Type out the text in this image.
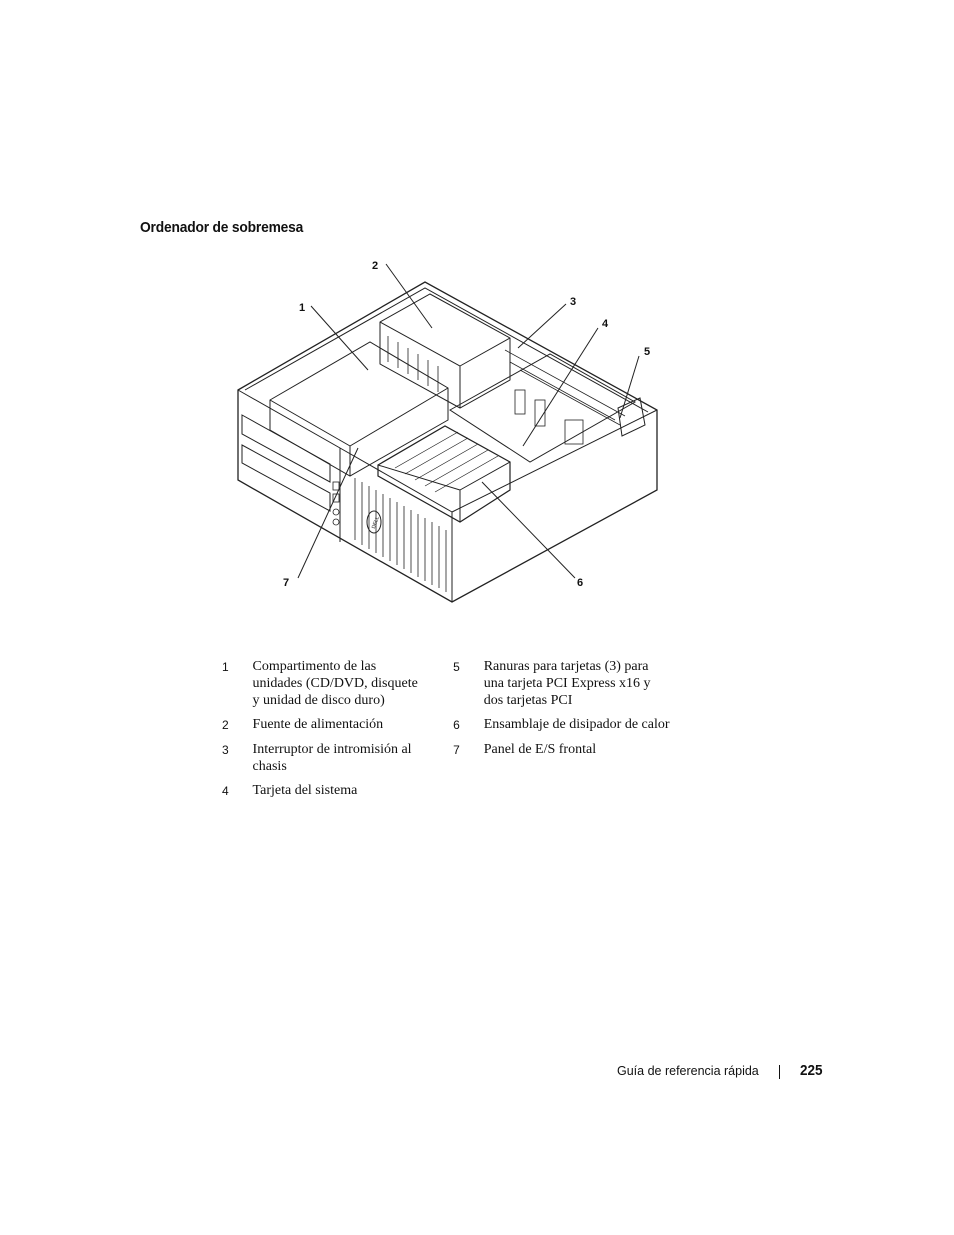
Ordenador de sobremesa
DELL
1
2
3
4
5
6
7
1	Compartimento de las unidades (CD/DVD, disquete y unidad de disco duro)	5	Ranuras para tarjetas (3) para una tarjeta PCI Express x16 y dos tarjetas PCI
2	Fuente de alimentación	6	Ensamblaje de disipador de calor
3	Interruptor de intromisión al chasis	7	Panel de E/S frontal
4	Tarjeta del sistema		
Guía de referencia rápida	225
